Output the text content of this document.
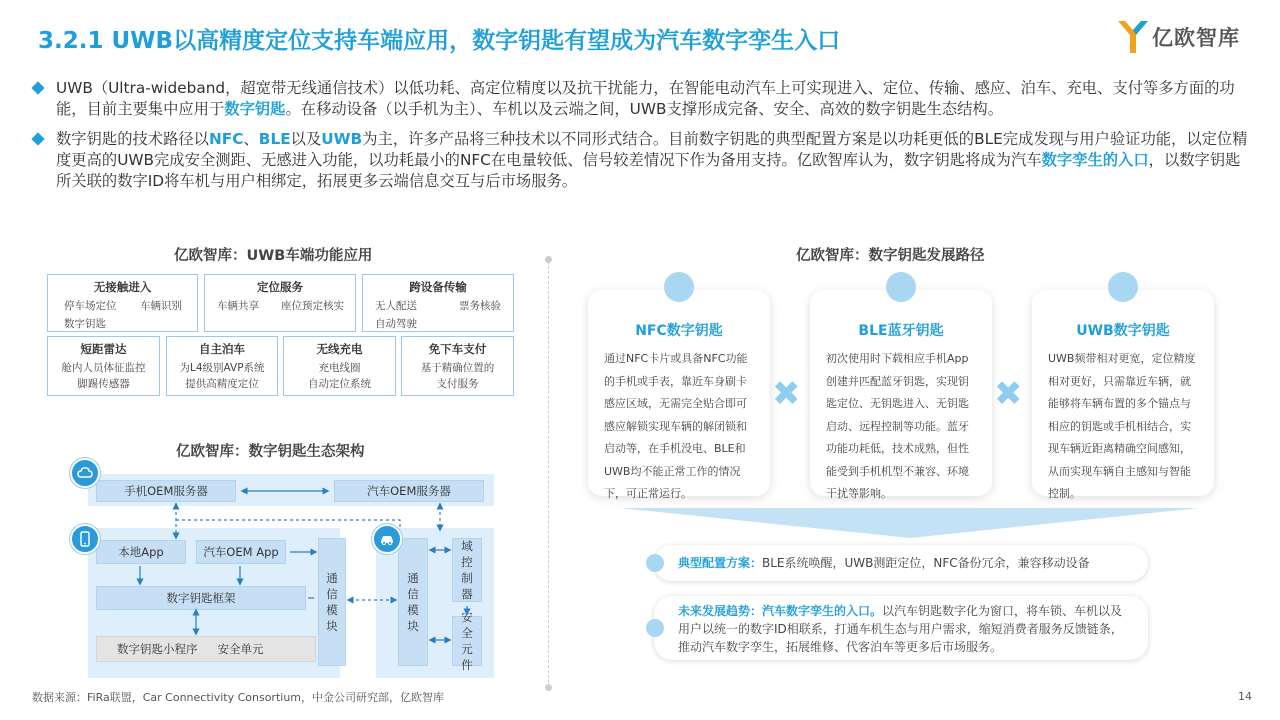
3.2.1 UWB以高精度定位支持车端应用，数字钥匙有望成为汽车数字孪生入口	亿欧智库
UWB（Ultra-wideband，超宽带无线通信技术）以低功耗、高定位精度以及抗干扰能力，在智能电动汽车上可实现进入、定位、传输、感应、泊车、充电、支付等多方面的功能，目前主要集中应用于数字钥匙。在移动设备（以手机为主）、车机以及云端之间，UWB支撑形成完备、安全、高效的数字钥匙生态结构。
数字钥匙的技术路径以NFC、BLE以及UWB为主，许多产品将三种技术以不同形式结合。目前数字钥匙的典型配置方案是以功耗更低的BLE完成发现与用户验证功能，以定位精度更高的UWB完成安全测距、无感进入功能，以功耗最小的NFC在电量较低、信号较差情况下作为备用支持。亿欧智库认为，数字钥匙将成为汽车数字孪生的入口，以数字钥匙所关联的数字ID将车机与用户相绑定，拓展更多云端信息交互与后市场服务。
亿欧智库：UWB车端功能应用
无接触进入
停车场定位 车辆识别
数字钥匙
定位服务
车辆共享 座位预定核实
跨设备传输
无人配送	票务核验
自动驾驶
短距雷达
舱内人员体征监控
脚踢传感器
自主泊车
为L4级别AVP系统
提供高精度定位
无线充电
充电线圈
自动定位系统
免下车支付
基于精确位置的
支付服务
亿欧智库：数字钥匙生态架构
手机OEM服务器	汽车OEM服务器
本地App	汽车OEM App
数字钥匙框架
数字钥匙小程序 安全单元
通信模块
通信模块
域控制器
安全元件
亿欧智库：数字钥匙发展路径
NFC数字钥匙
通过NFC卡片或具备NFC功能的手机或手表，靠近车身刷卡感应区域，无需完全贴合即可感应解锁实现车辆的解闭锁和启动等，在手机没电、BLE和UWB均不能正常工作的情况下，可正常运行。
BLE蓝牙钥匙
初次使用时下载相应手机App创建并匹配蓝牙钥匙，实现钥匙定位、无钥匙进入、无钥匙启动、远程控制等功能。蓝牙功能功耗低，技术成熟，但性能受到手机机型不兼容、环境干扰等影响。
UWB数字钥匙
UWB频带相对更宽，定位精度相对更好，只需靠近车辆，就能够将车辆布置的多个锚点与相应的钥匙或手机相结合，实现车辆近距离精确空间感知，从而实现车辆自主感知与智能控制。
✖	✖
典型配置方案：BLE系统唤醒，UWB测距定位，NFC备份冗余，兼容移动设备
未来发展趋势：汽车数字孪生的入口。以汽车钥匙数字化为窗口，将车锁、车机以及用户以统一的数字ID相联系，打通车机生态与用户需求，缩短消费者服务反馈链条，推动汽车数字孪生，拓展维修、代客泊车等更多后市场服务。
数据来源：FiRa联盟，Car Connectivity Consortium，中金公司研究部，亿欧智库	14
